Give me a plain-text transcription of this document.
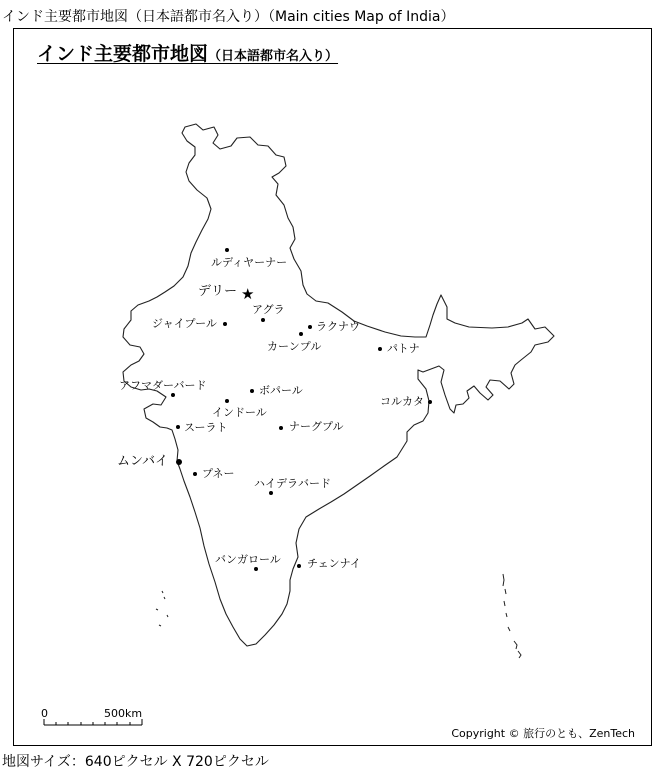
インド主要都市地図（日本語都市名入り）（Main cities Map of India）
0	500km
ルディヤーナー
★
デリー
アグラ
ジャイプール	ラクナウ
カーンプル	パトナ
アフマダーバード	ボパール
インドール
コルカタ
スーラト	ナーグプル
ムンバイ
プネー
ハイデラバード
バンガロール チェンナイ
インド主要都市地図（日本語都市名入り）
Copyright © 旅行のとも、ZenTech
地図サイズ：640ピクセル X 720ピクセル
